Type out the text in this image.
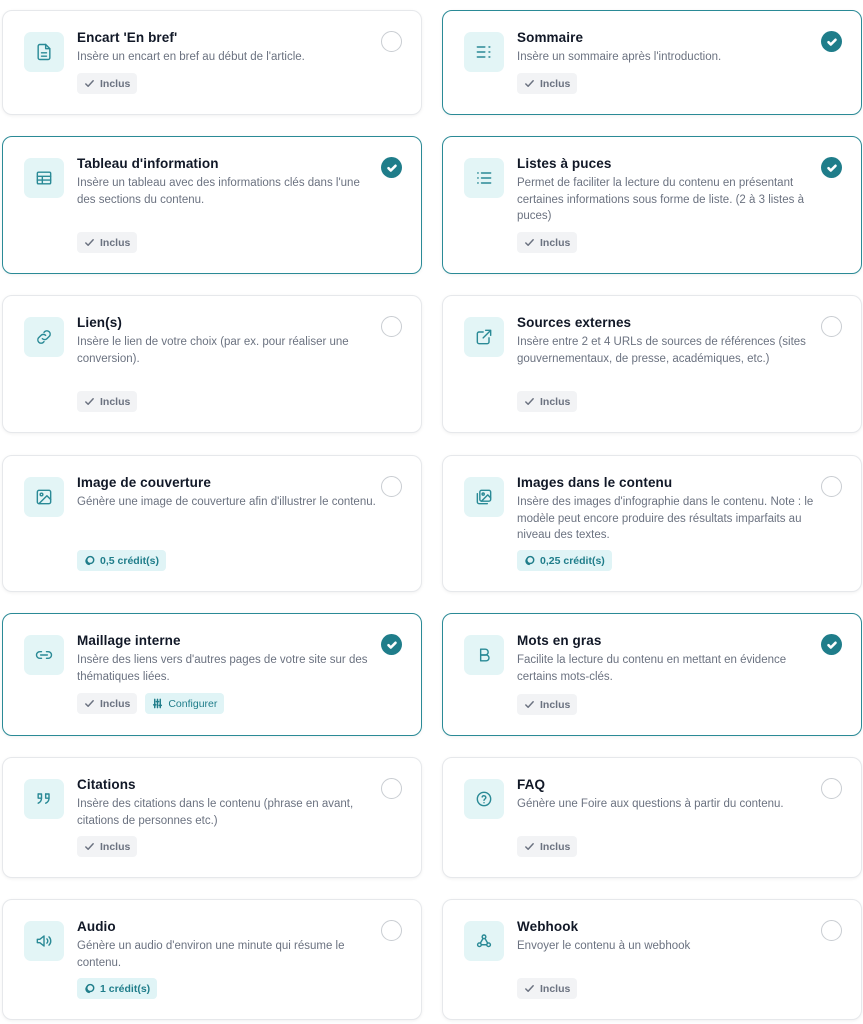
Encart 'En bref'
Insère un encart en bref au début de l'article.
Inclus
Sommaire
Insère un sommaire après l'introduction.
Inclus
Tableau d'information
Insère un tableau avec des informations clés dans l'une des sections du contenu.
Inclus
Listes à puces
Permet de faciliter la lecture du contenu en présentant certaines informations sous forme de liste. (2 à 3 listes à puces)
Inclus
Lien(s)
Insère le lien de votre choix (par ex. pour réaliser une conversion).
Inclus
Sources externes
Insère entre 2 et 4 URLs de sources de références (sites gouvernementaux, de presse, académiques, etc.)
Inclus
Image de couverture
Génère une image de couverture afin d'illustrer le contenu.
0,5 crédit(s)
Images dans le contenu
Insère des images d'infographie dans le contenu. Note : le modèle peut encore produire des résultats imparfaits au niveau des textes.
0,25 crédit(s)
Maillage interne
Insère des liens vers d'autres pages de votre site sur des thématiques liées.
Inclus	Configurer
Mots en gras
Facilite la lecture du contenu en mettant en évidence certains mots-clés.
Inclus
Citations
Insère des citations dans le contenu (phrase en avant, citations de personnes etc.)
Inclus
FAQ
Génère une Foire aux questions à partir du contenu.
Inclus
Audio
Génère un audio d'environ une minute qui résume le contenu.
1 crédit(s)
Webhook
Envoyer le contenu à un webhook
Inclus
